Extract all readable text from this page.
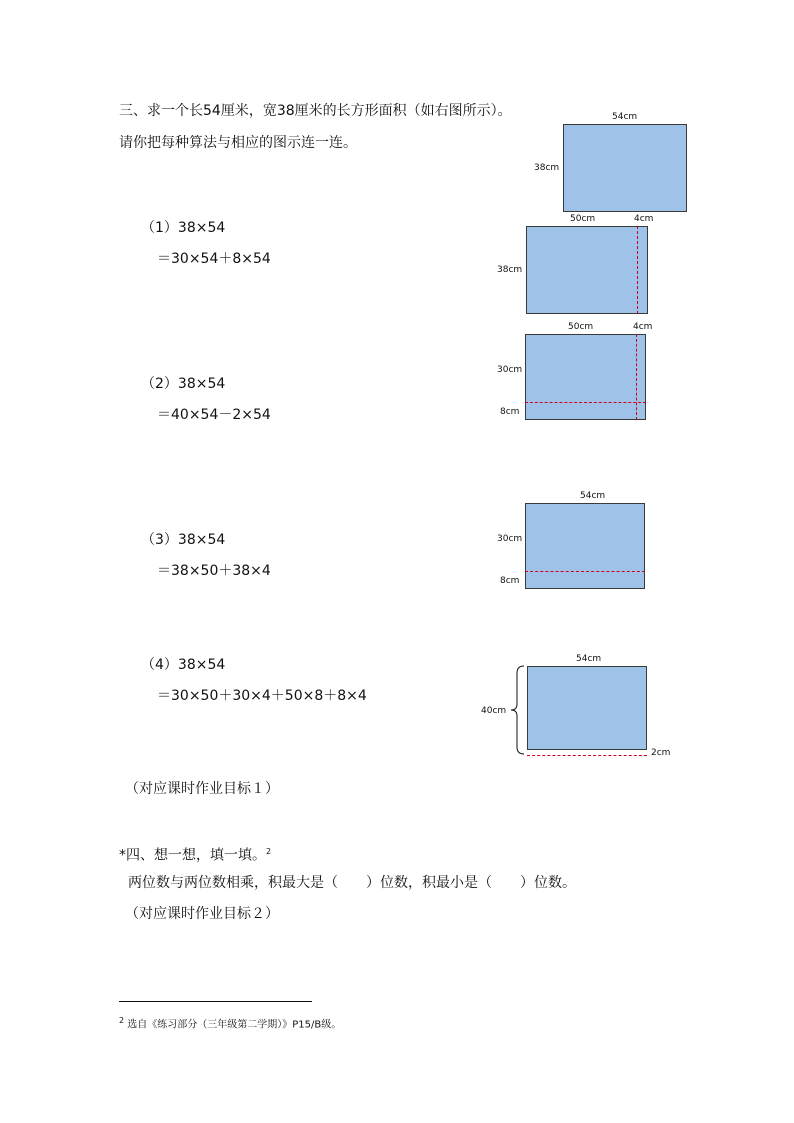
三、求一个长54厘米，宽38厘米的长方形面积（如右图所示）。
请你把每种算法与相应的图示连一连。
54cm
38cm
50cm	4cm
38cm
（1）38×54
＝30×54＋8×54
50cm	4cm
30cm
8cm
（2）38×54
＝40×54－2×54
54cm
30cm
8cm
（3）38×54
＝38×50＋38×4
54cm
40cm
2cm
（4）38×54
＝30×50＋30×4＋50×8＋8×4
（对应课时作业目标１）
*四、想一想，填一填。$^2$
两位数与两位数相乘，积最大是（　　）位数，积最小是（　　）位数。
（对应课时作业目标２）
$^2$ 选自《练习部分（三年级第二学期）》P15/B级。
